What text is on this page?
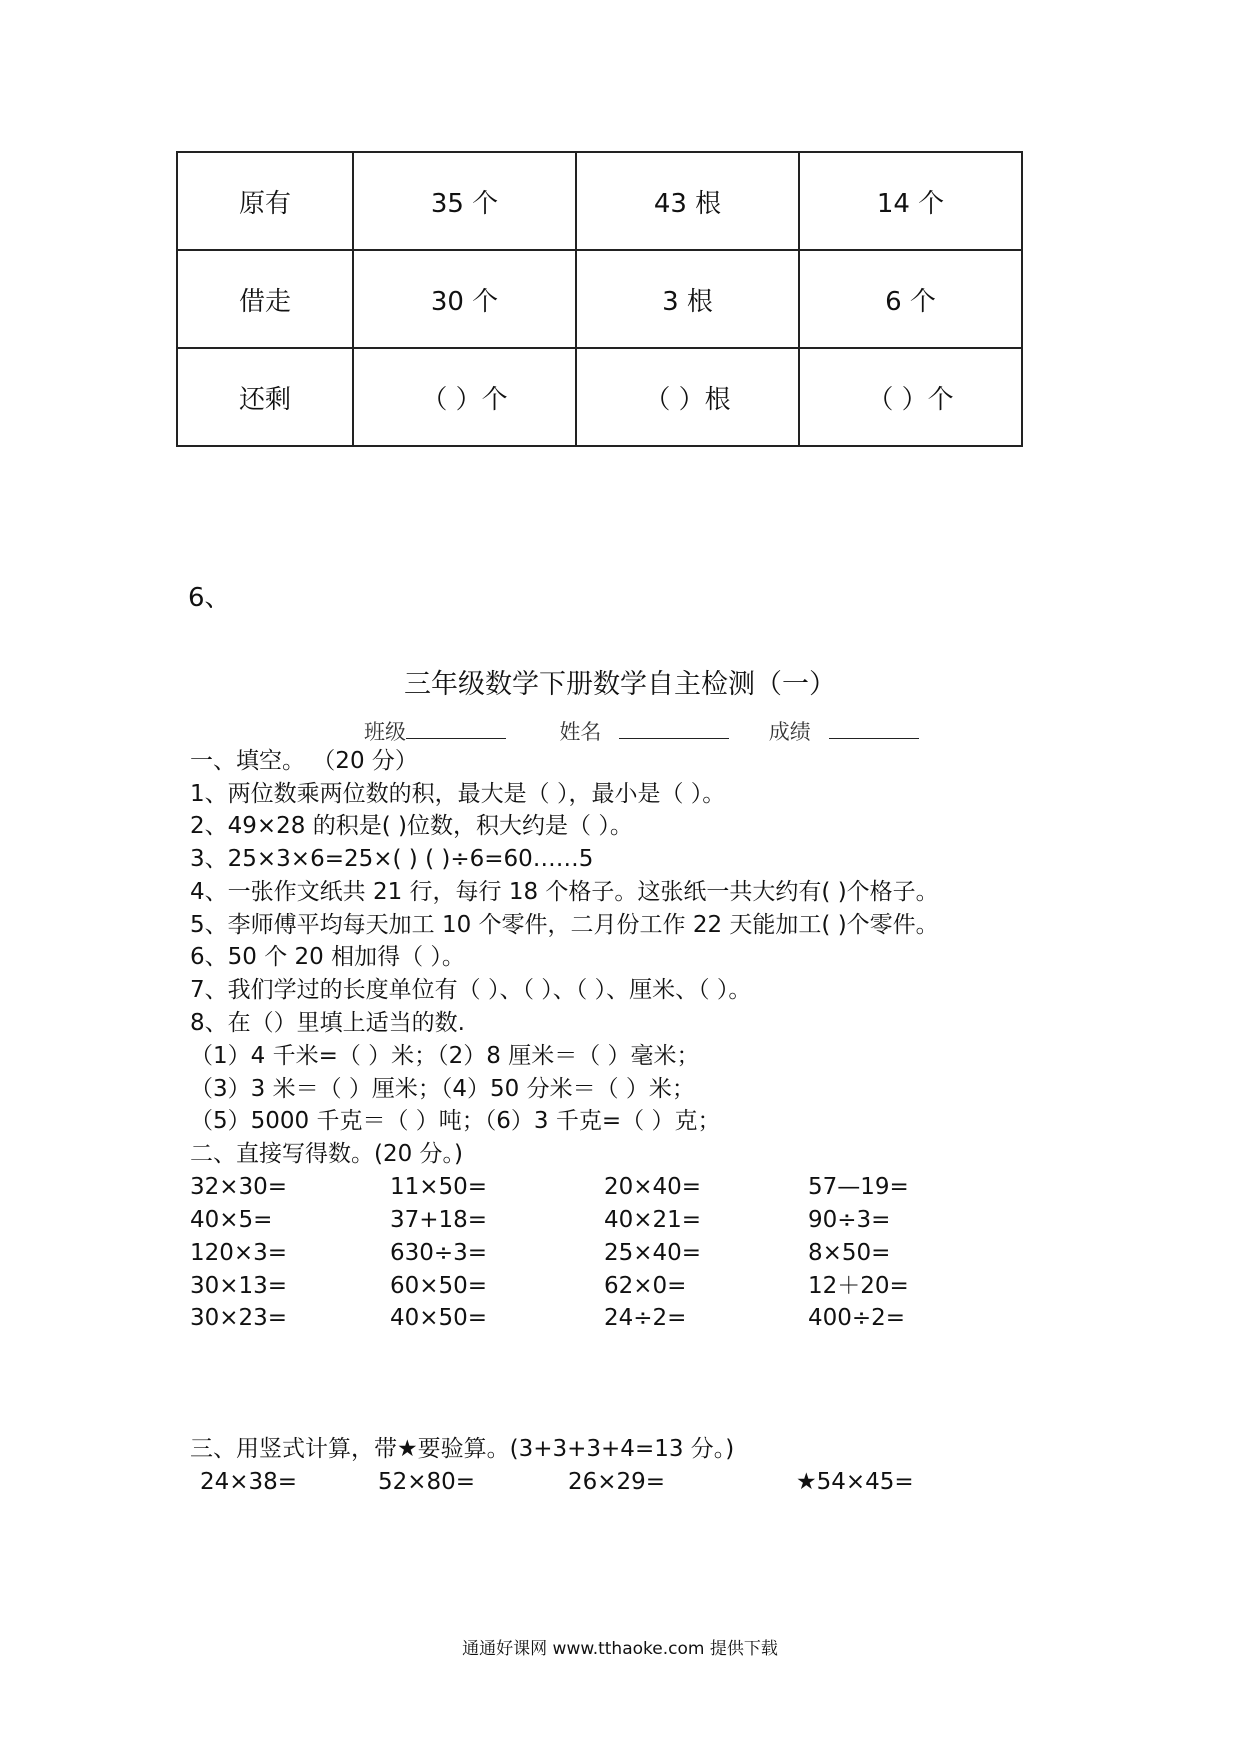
原有	35 个	43 根	14 个
借走	30 个	3 根	6 个
还剩	（ ）个	（ ）根	（ ）个
6、
三年级数学下册数学自主检测（一）
班级	姓名	成绩
一、填空。 （20 分）
1、两位数乘两位数的积，最大是（ ），最小是（ ）。
2、49×28 的积是( )位数，积大约是（ ）。
3、25×3×6=25×( ) ( )÷6=60……5
4、一张作文纸共 21 行，每行 18 个格子。这张纸一共大约有( )个格子。
5、李师傅平均每天加工 10 个零件，二月份工作 22 天能加工( )个零件。
6、50 个 20 相加得（ ）。
7、我们学过的长度单位有（ ）、（ ）、（ ）、厘米、（ ）。
8、在（）里填上适当的数.
（1）4 千米=（ ）米；（2）8 厘米＝（ ）毫米；
（3）3 米＝（ ）厘米；（4）50 分米＝（ ）米；
（5）5000 千克＝（ ）吨；（6）3 千克=（ ）克；
二、直接写得数。(20 分。)
32×30=	11×50=	20×40=	57—19=
40×5=	37+18=	40×21=	90÷3=
120×3=	630÷3=	25×40=	8×50=
30×13=	60×50=	62×0=	12＋20=
30×23=	40×50=	24÷2=	400÷2=
三、用竖式计算，带★要验算。(3+3+3+4=13 分。)
24×38=	52×80=	26×29=	★54×45=
通通好课网 www.tthaoke.com 提供下载
